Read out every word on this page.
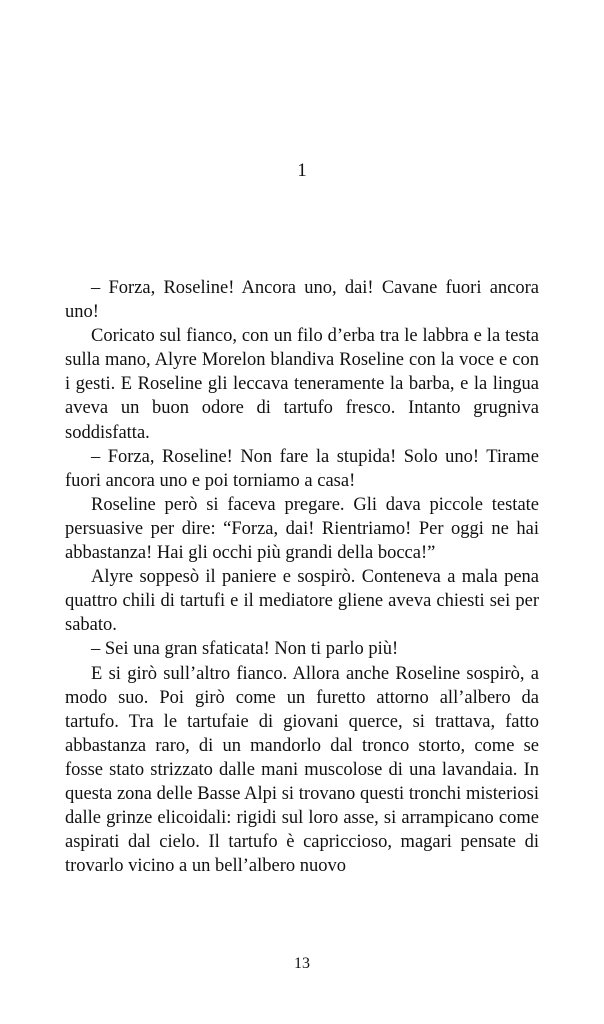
1

– Forza, Roseline! Ancora uno, dai! Cavane fuori ancora uno!

Coricato sul fianco, con un filo d’erba tra le labbra e la testa sulla mano, Alyre Morelon blandiva Roseline con la voce e con i gesti. E Roseline gli leccava teneramente la barba, e la lingua aveva un buon odore di tartufo fresco. Intanto grugniva soddisfatta.

– Forza, Roseline! Non fare la stupida! Solo uno! Tirame fuori ancora uno e poi torniamo a casa!

Roseline però si faceva pregare. Gli dava piccole testate persuasive per dire: “Forza, dai! Rientriamo! Per oggi ne hai abbastanza! Hai gli occhi più grandi della bocca!”

Alyre soppesò il paniere e sospirò. Conteneva a mala pena quattro chili di tartufi e il mediatore gliene aveva chiesti sei per sabato.

– Sei una gran sfaticata! Non ti parlo più!

E si girò sull’altro fianco. Allora anche Roseline sospirò, a modo suo. Poi girò come un furetto attorno all’albero da tartufo. Tra le tartufaie di giovani querce, si trattava, fatto abbastanza raro, di un mandorlo dal tronco storto, come se fosse stato strizzato dalle mani muscolose di una lavandaia. In questa zona delle Basse Alpi si trovano questi tronchi misteriosi dalle grinze elicoidali: rigidi sul loro asse, si arrampicano come aspirati dal cielo. Il tartufo è capriccioso, magari pensate di trovarlo vicino a un bell’albero nuovo

13
